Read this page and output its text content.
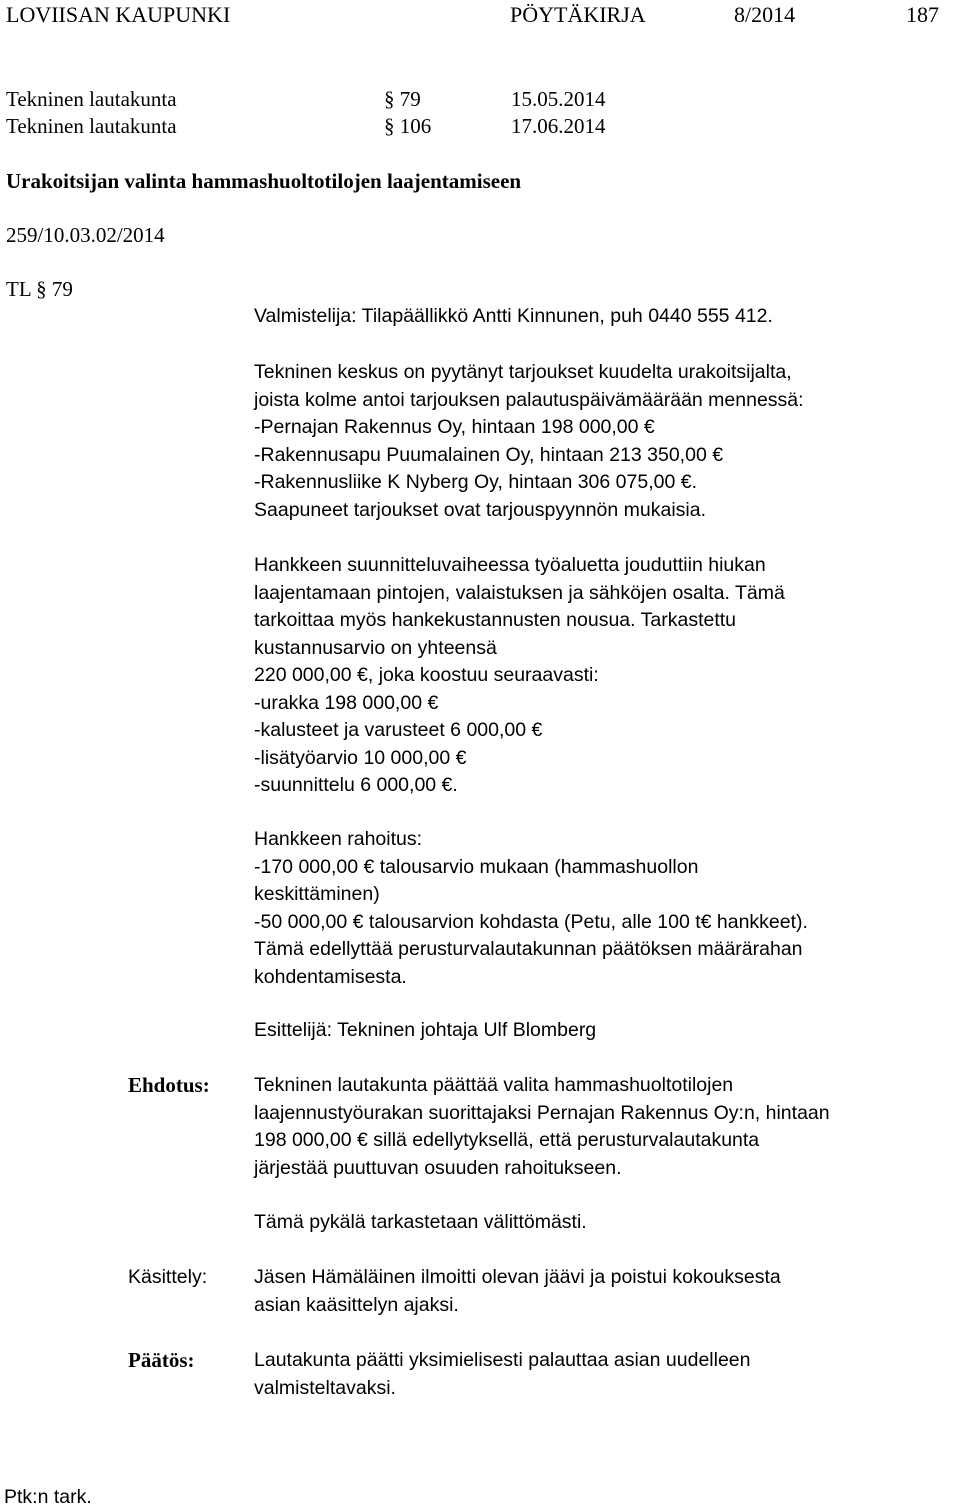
LOVIISAN KAUPUNKI	PÖYTÄKIRJA	8/2014	187
Tekninen lautakunta	§ 79	15.05.2014
Tekninen lautakunta	§ 106	17.06.2014
Urakoitsijan valinta hammashuoltotilojen laajentamiseen
259/10.03.02/2014
TL § 79
Valmistelija: Tilapäällikkö Antti Kinnunen, puh 0440 555 412.
Tekninen keskus on pyytänyt tarjoukset kuudelta urakoitsijalta,
joista kolme antoi tarjouksen palautuspäivämäärään mennessä:
-Pernajan Rakennus Oy, hintaan 198 000,00 €
-Rakennusapu Puumalainen Oy, hintaan 213 350,00 €
-Rakennusliike K Nyberg Oy, hintaan 306 075,00 €.
Saapuneet tarjoukset ovat tarjouspyynnön mukaisia.
Hankkeen suunnitteluvaiheessa työaluetta jouduttiin hiukan
laajentamaan pintojen, valaistuksen ja sähköjen osalta. Tämä
tarkoittaa myös hankekustannusten nousua. Tarkastettu
kustannusarvio on yhteensä
220 000,00 €, joka koostuu seuraavasti:
-urakka 198 000,00 €
-kalusteet ja varusteet 6 000,00 €
-lisätyöarvio 10 000,00 €
-suunnittelu 6 000,00 €.
Hankkeen rahoitus:
-170 000,00 € talousarvio mukaan (hammashuollon
keskittäminen)
-50 000,00 € talousarvion kohdasta (Petu, alle 100 t€ hankkeet).
Tämä edellyttää perusturvalautakunnan päätöksen määrärahan
kohdentamisesta.
Esittelijä: Tekninen johtaja Ulf Blomberg
Ehdotus: Tekninen lautakunta päättää valita hammashuoltotilojen
laajennustyöurakan suorittajaksi Pernajan Rakennus Oy:n, hintaan
198 000,00 € sillä edellytyksellä, että perusturvalautakunta
järjestää puuttuvan osuuden rahoitukseen.
Tämä pykälä tarkastetaan välittömästi.
Käsittely: Jäsen Hämäläinen ilmoitti olevan jäävi ja poistui kokouksesta
asian kaäsittelyn ajaksi.
Päätös:	Lautakunta päätti yksimielisesti palauttaa asian uudelleen
valmisteltavaksi.
Ptk:n tark.
